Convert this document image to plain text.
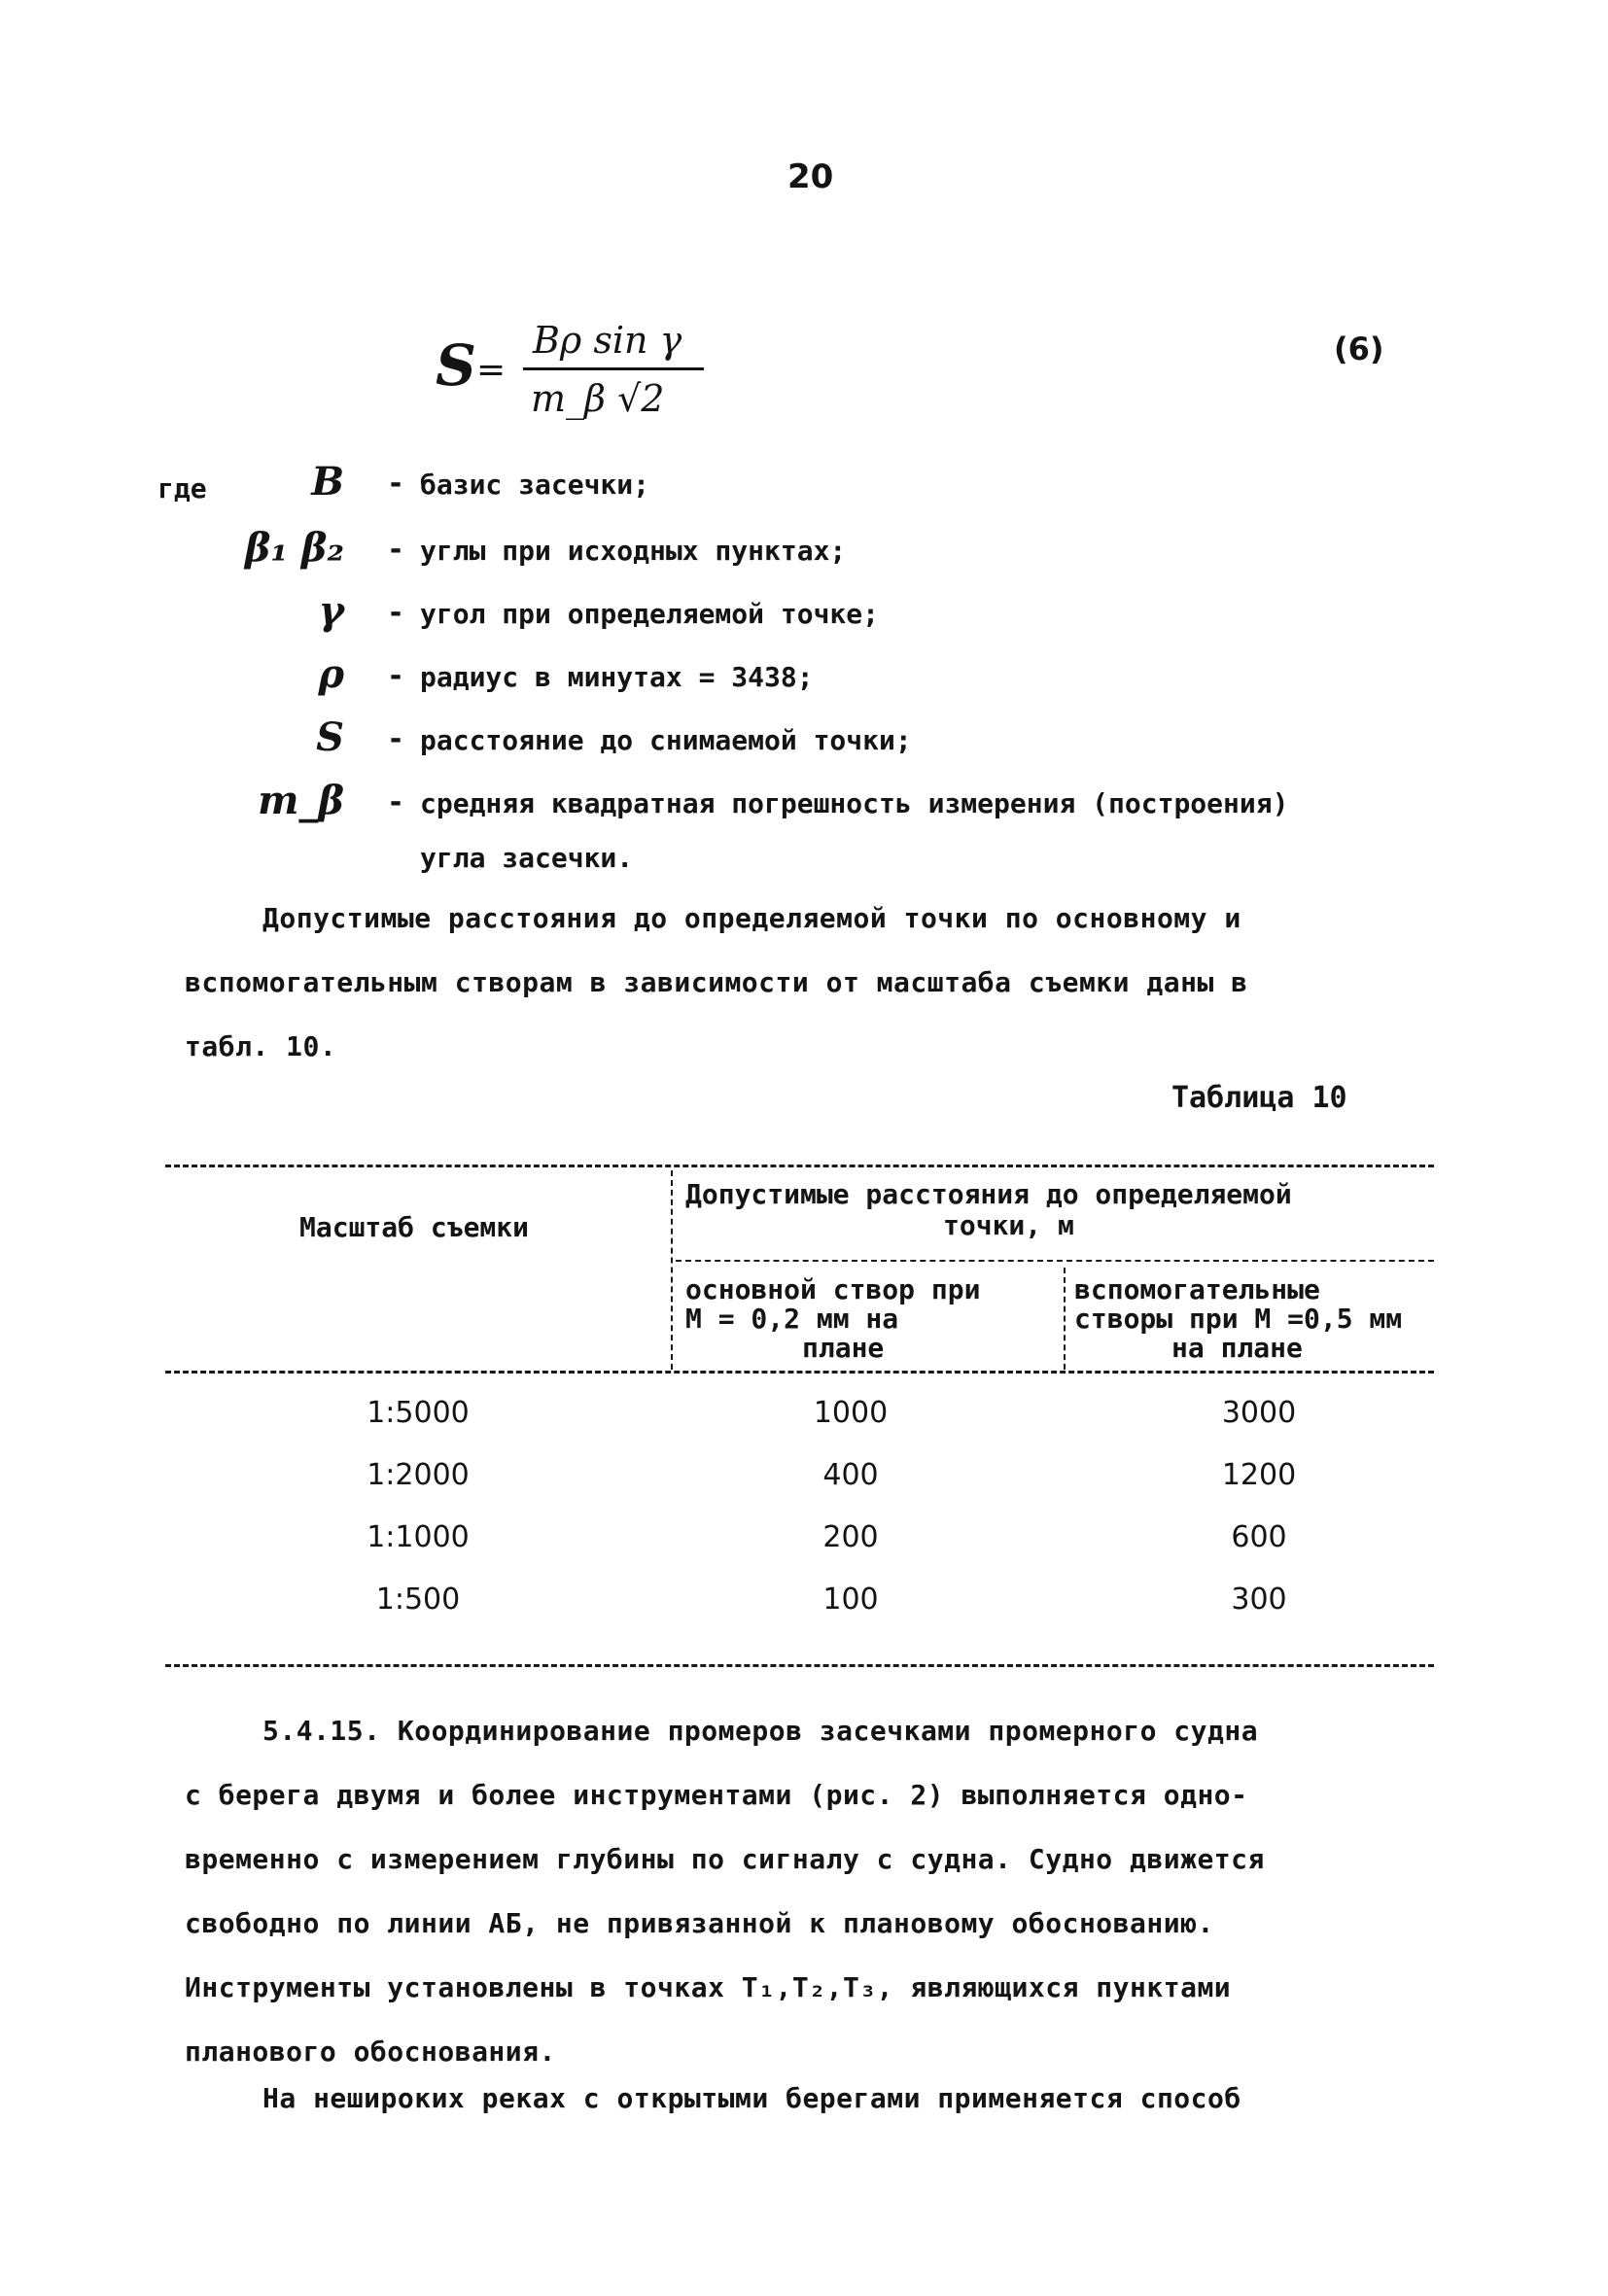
20
S =
Bρ sin γ
m_β √2
(6)
где	B - базис засечки;
β₁ β₂ - углы при исходных пунктах;
γ - угол при определяемой точке;
ρ - радиус в минутах = 3438;
S - расстояние до снимаемой точки;
m_β - средняя квадратная погрешность измерения (построения)
угла засечки.
Допустимые расстояния до определяемой точки по основному и
вспомогательным створам в зависимости от масштаба съемки даны в
табл. 10.
Таблица 10
Масштаб съемки
Допустимые расстояния до определяемой
точки, м
основной створ при
M = 0,2 мм на
плане
вспомогательные
створы при M =0,5 мм
на плане
1:5000	1000	3000
1:2000	400	1200
1:1000	200	600
1:500	100	300
5.4.15. Координирование промеров засечками промерного судна
с берега двумя и более инструментами (рис. 2) выполняется одно-
временно с измерением глубины по сигналу с судна. Судно движется
свободно по линии АБ, не привязанной к плановому обоснованию.
Инструменты установлены в точках T₁,T₂,T₃, являющихся пунктами
планового обоснования.
На неширокиx реках с открытыми берегами применяется способ
